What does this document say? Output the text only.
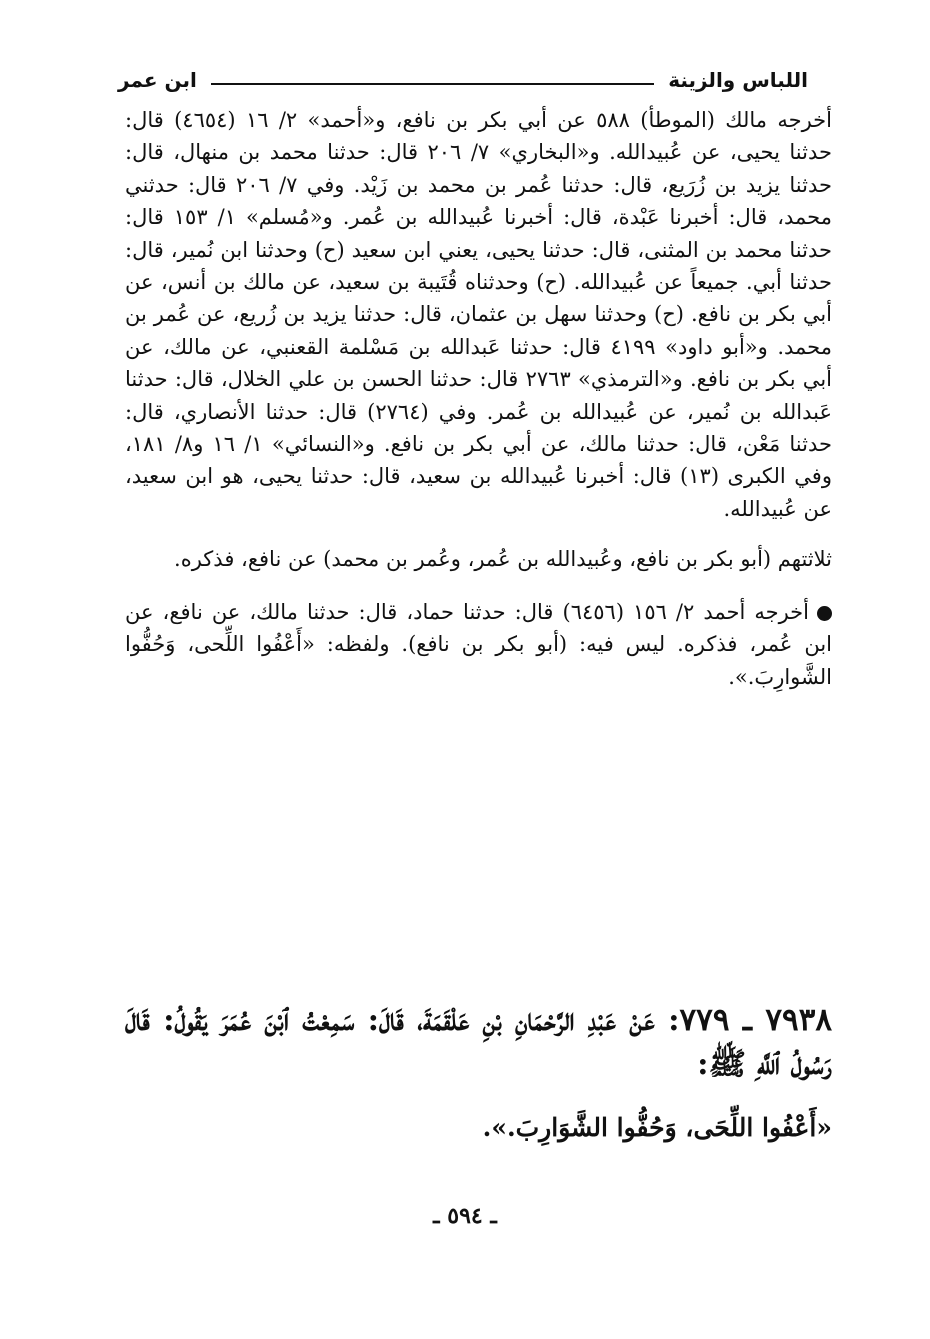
اللباس والزينة
ابن عمر

أخرجه مالك (الموطأ) ٥٨٨ عن أبي بكر بن نافع، و«أحمد» ٢/ ١٦ (٤٦٥٤) قال: حدثنا يحيى، عن عُبيدالله. و«البخاري» ٧/ ٢٠٦ قال: حدثنا محمد بن منهال، قال: حدثنا يزيد بن زُرَيع، قال: حدثنا عُمر بن محمد بن زَيْد. وفي ٧/ ٢٠٦ قال: حدثني محمد، قال: أخبرنا عَبْدة، قال: أخبرنا عُبيدالله بن عُمر. و«مُسلم» ١/ ١٥٣ قال: حدثنا محمد بن المثنى، قال: حدثنا يحيى، يعني ابن سعيد (ح) وحدثنا ابن نُمير، قال: حدثنا أبي. جميعاً عن عُبيدالله. (ح) وحدثناه قُتَيبة بن سعيد، عن مالك بن أنس، عن أبي بكر بن نافع. (ح) وحدثنا سهل بن عثمان، قال: حدثنا يزيد بن زُريع، عن عُمر بن محمد. و«أبو داود» ٤١٩٩ قال: حدثنا عَبدالله بن مَسْلمة القعنبي، عن مالك، عن أبي بكر بن نافع. و«الترمذي» ٢٧٦٣ قال: حدثنا الحسن بن علي الخلال، قال: حدثنا عَبدالله بن نُمير، عن عُبيدالله بن عُمر. وفي (٢٧٦٤) قال: حدثنا الأنصاري، قال: حدثنا مَعْن، قال: حدثنا مالك، عن أبي بكر بن نافع. و«النسائي» ١/ ١٦ و٨/ ١٨١، وفي الكبرى (١٣) قال: أخبرنا عُبيدالله بن سعيد، قال: حدثنا يحيى، هو ابن سعيد، عن عُبيدالله.

ثلاثتهم (أبو بكر بن نافع، وعُبيدالله بن عُمر، وعُمر بن محمد) عن نافع، فذكره.

أخرجه أحمد ٢/ ١٥٦ (٦٤٥٦) قال: حدثنا حماد، قال: حدثنا مالك، عن نافع، عن ابن عُمر، فذكره. ليس فيه: (أبو بكر بن نافع). ولفظه: «أَعْفُوا اللِّحى، وَحُفُّوا الشَّوارِبَ.».

٧٩٣٨ ـ ٧٧٩: عَنْ عَبْدِ الرَّحْمَانِ بْنِ عَلْقَمَةَ، قَالَ: سَمِعْتُ ٱبْنَ عُمَرَ يَقُولُ: قَالَ رَسُولُ ٱللَّهِ ﷺ:

«أَعْفُوا اللِّحَى، وَحُفُّوا الشَّوَارِبَ.».

ـ ٥٩٤ ـ
